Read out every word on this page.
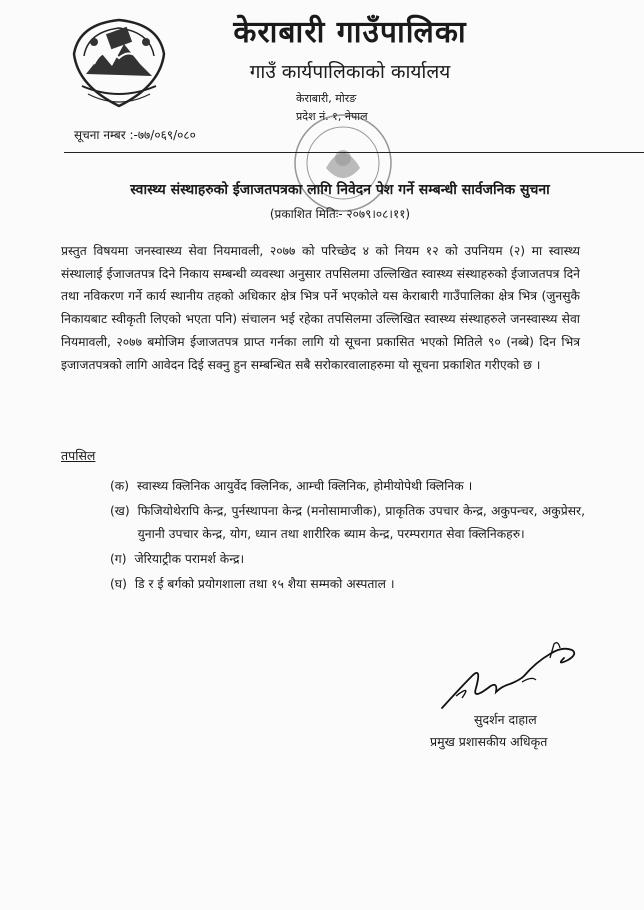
केराबारी गाउँपालिका
गाउँ कार्यपालिकाको कार्यालय
केराबारी, मोरङ
प्रदेश नं. १, नेपाल
सूचना नम्बर :-७७/०६९/०८०
स्वास्थ्य संस्थाहरुको ईजाजतपत्रका लागि निवेदन पेश गर्ने सम्बन्धी सार्वजनिक सुचना
(प्रकाशित मितिः- २०७९।०८।११)
प्रस्तुत विषयमा जनस्वास्थ्य सेवा नियमावली, २०७७ को परिच्छेद ४ को नियम १२ को उपनियम (२) मा स्वास्थ्य संस्थालाई ईजाजतपत्र दिने निकाय सम्बन्धी व्यवस्था अनुसार तपसिलमा उल्लिखित स्वास्थ्य संस्थाहरुको ईजाजतपत्र दिने तथा नविकरण गर्ने कार्य स्थानीय तहको अधिकार क्षेत्र भित्र पर्ने भएकोले यस केराबारी गाउँपालिका क्षेत्र भित्र (जुनसुकै निकायबाट स्वीकृती लिएको भएता पनि) संचालन भई रहेका तपसिलमा उल्लिखित स्वास्थ्य संस्थाहरुले जनस्वास्थ्य सेवा नियमावली, २०७७ बमोजिम ईजाजतपत्र प्राप्त गर्नका लागि यो सूचना प्रकासित भएको मितिले ९० (नब्बे) दिन भित्र इजाजतपत्रको लागि आवेदन दिई सक्नु हुन सम्बन्धित सबै सरोकारवालाहरुमा यो सूचना प्रकाशित गरीएको छ ।
तपसिल
(क) स्वास्थ्य क्लिनिक आयुर्वेद क्लिनिक, आम्ची क्लिनिक, होमीयोपेथी क्लिनिक ।
(ख) फिजियोथेरापि केन्द्र, पुर्नस्थापना केन्द्र (मनोसामाजीक), प्राकृतिक उपचार केन्द्र, अकुपन्चर, अकुप्रेसर, युनानी उपचार केन्द्र, योग, ध्यान तथा शारीरिक ब्याम केन्द्र, परम्परागत सेवा क्लिनिकहरु।
(ग) जेरियाट्रीक परामर्श केन्द्र।
(घ) डि र ई बर्गको प्रयोगशाला तथा १५ शैया सम्मको अस्पताल ।
सुदर्शन दाहाल
प्रमुख प्रशासकीय अधिकृत
